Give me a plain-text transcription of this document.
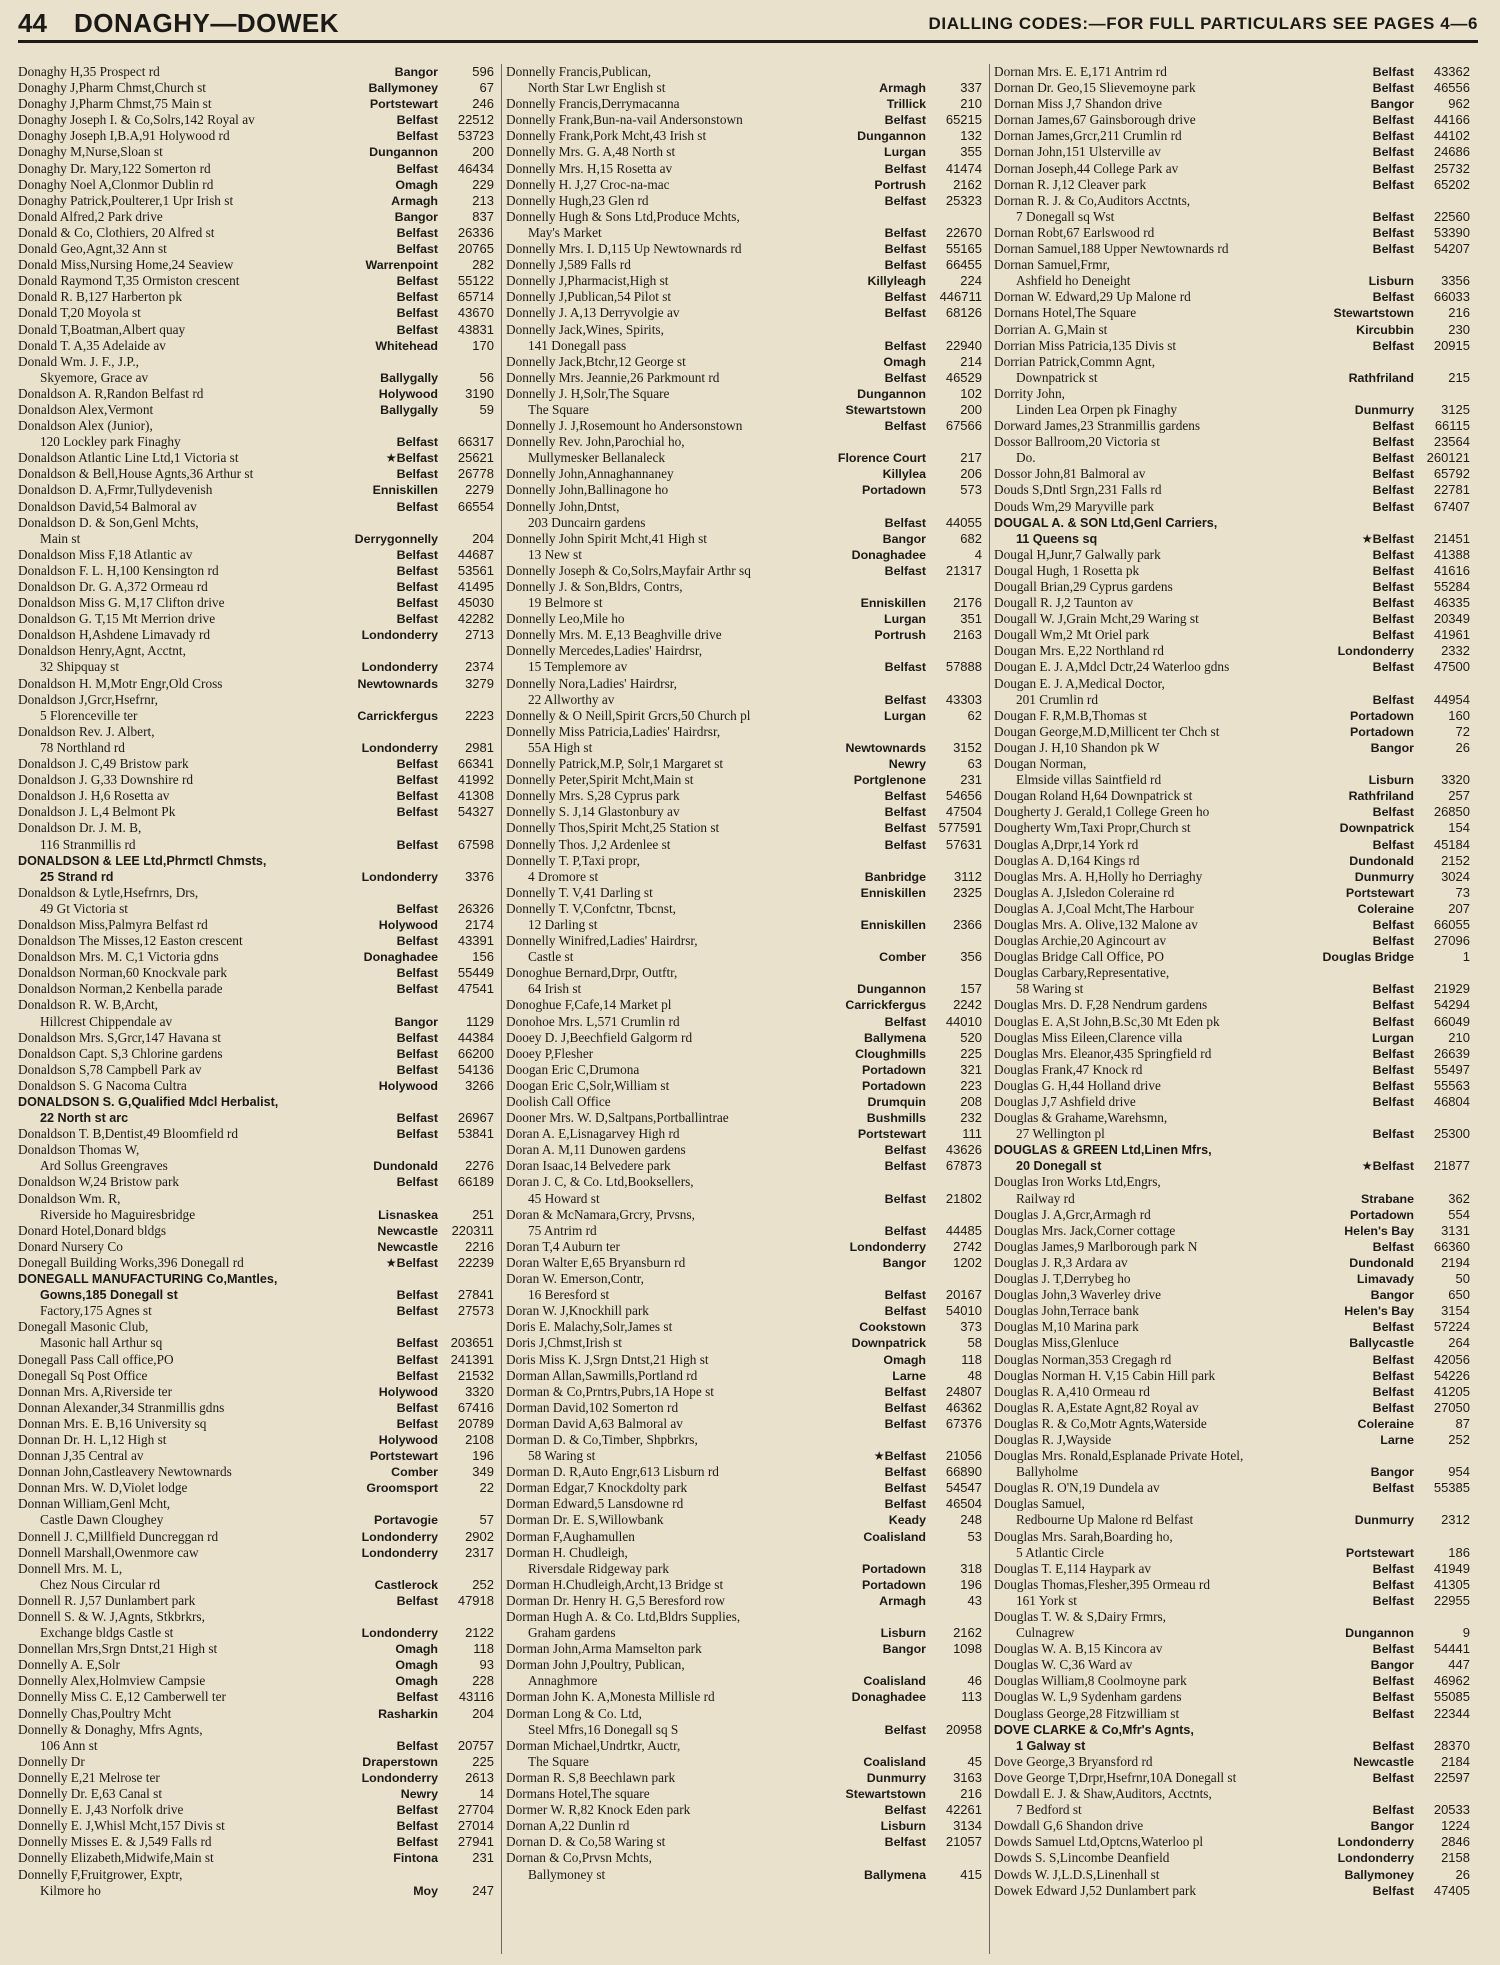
44 DONAGHY—DOWEK	DIALLING CODES:—FOR FULL PARTICULARS SEE PAGES 4—6
Donaghy H,35 Prospect rd	Bangor	596
Donaghy J,Pharm Chmst,Church st	Ballymoney	67
Donaghy J,Pharm Chmst,75 Main st	Portstewart	246
Donaghy Joseph I. & Co,Solrs,142 Royal av	Belfast	22512
Donaghy Joseph I,B.A,91 Holywood rd	Belfast	53723
Donaghy M,Nurse,Sloan st	Dungannon	200
Donaghy Dr. Mary,122 Somerton rd	Belfast	46434
Donaghy Noel A,Clonmor Dublin rd	Omagh	229
Donaghy Patrick,Poulterer,1 Upr Irish st	Armagh	213
Donald Alfred,2 Park drive	Bangor	837
Donald & Co, Clothiers, 20 Alfred st	Belfast	26336
Donald Geo,Agnt,32 Ann st	Belfast	20765
Donald Miss,Nursing Home,24 Seaview	Warrenpoint	282
Donald Raymond T,35 Ormiston crescent	Belfast	55122
Donald R. B,127 Harberton pk	Belfast	65714
Donald T,20 Moyola st	Belfast	43670
Donald T,Boatman,Albert quay	Belfast	43831
Donald T. A,35 Adelaide av	Whitehead	170
Donald Wm. J. F., J.P.,
Skyemore, Grace av	Ballygally	56
Donaldson A. R,Randon Belfast rd	Holywood	3190
Donaldson Alex,Vermont	Ballygally	59
Donaldson Alex (Junior),
120 Lockley park Finaghy	Belfast	66317
Donaldson Atlantic Line Ltd,1 Victoria st	★Belfast	25621
Donaldson & Bell,House Agnts,36 Arthur st	Belfast	26778
Donaldson D. A,Frmr,Tullydevenish	Enniskillen	2279
Donaldson David,54 Balmoral av	Belfast	66554
Donaldson D. & Son,Genl Mchts,
Main st	Derrygonnelly	204
Donaldson Miss F,18 Atlantic av	Belfast	44687
Donaldson F. L. H,100 Kensington rd	Belfast	53561
Donaldson Dr. G. A,372 Ormeau rd	Belfast	41495
Donaldson Miss G. M,17 Clifton drive	Belfast	45030
Donaldson G. T,15 Mt Merrion drive	Belfast	42282
Donaldson H,Ashdene Limavady rd	Londonderry	2713
Donaldson Henry,Agnt, Acctnt,
32 Shipquay st	Londonderry	2374
Donaldson H. M,Motr Engr,Old Cross	Newtownards	3279
Donaldson J,Grcr,Hsefrnr,
5 Florenceville ter	Carrickfergus	2223
Donaldson Rev. J. Albert,
78 Northland rd	Londonderry	2981
Donaldson J. C,49 Bristow park	Belfast	66341
Donaldson J. G,33 Downshire rd	Belfast	41992
Donaldson J. H,6 Rosetta av	Belfast	41308
Donaldson J. L,4 Belmont Pk	Belfast	54327
Donaldson Dr. J. M. B,
116 Stranmillis rd	Belfast	67598
DONALDSON & LEE Ltd,Phrmctl Chmsts,
25 Strand rd	Londonderry	3376
Donaldson & Lytle,Hsefrnrs, Drs,
49 Gt Victoria st	Belfast	26326
Donaldson Miss,Palmyra Belfast rd	Holywood	2174
Donaldson The Misses,12 Easton crescent	Belfast	43391
Donaldson Mrs. M. C,1 Victoria gdns	Donaghadee	156
Donaldson Norman,60 Knockvale park	Belfast	55449
Donaldson Norman,2 Kenbella parade	Belfast	47541
Donaldson R. W. B,Archt,
Hillcrest Chippendale av	Bangor	1129
Donaldson Mrs. S,Grcr,147 Havana st	Belfast	44384
Donaldson Capt. S,3 Chlorine gardens	Belfast	66200
Donaldson S,78 Campbell Park av	Belfast	54136
Donaldson S. G Nacoma Cultra	Holywood	3266
DONALDSON S. G,Qualified Mdcl Herbalist,
22 North st arc	Belfast	26967
Donaldson T. B,Dentist,49 Bloomfield rd	Belfast	53841
Donaldson Thomas W,
Ard Sollus Greengraves	Dundonald	2276
Donaldson W,24 Bristow park	Belfast	66189
Donaldson Wm. R,
Riverside ho Maguiresbridge	Lisnaskea	251
Donard Hotel,Donard bldgs	Newcastle	220311
Donard Nursery Co	Newcastle	2216
Donegall Building Works,396 Donegall rd	★Belfast	22239
DONEGALL MANUFACTURING Co,Mantles,
Gowns,185 Donegall st	Belfast	27841
Factory,175 Agnes st	Belfast	27573
Donegall Masonic Club,
Masonic hall Arthur sq	Belfast 203651
Donegall Pass Call office,PO	Belfast 241391
Donegall Sq Post Office	Belfast	21532
Donnan Mrs. A,Riverside ter	Holywood	3320
Donnan Alexander,34 Stranmillis gdns	Belfast	67416
Donnan Mrs. E. B,16 University sq	Belfast	20789
Donnan Dr. H. L,12 High st	Holywood	2108
Donnan J,35 Central av	Portstewart	196
Donnan John,Castleavery Newtownards	Comber	349
Donnan Mrs. W. D,Violet lodge	Groomsport	22
Donnan William,Genl Mcht,
Castle Dawn Cloughey	Portavogie	57
Donnell J. C,Millfield Duncreggan rd	Londonderry	2902
Donnell Marshall,Owenmore caw	Londonderry	2317
Donnell Mrs. M. L,
Chez Nous Circular rd	Castlerock	252
Donnell R. J,57 Dunlambert park	Belfast	47918
Donnell S. & W. J,Agnts, Stkbrkrs,
Exchange bldgs Castle st	Londonderry	2122
Donnellan Mrs,Srgn Dntst,21 High st	Omagh	118
Donnelly A. E,Solr	Omagh	93
Donnelly Alex,Holmview Campsie	Omagh	228
Donnelly Miss C. E,12 Camberwell ter	Belfast	43116
Donnelly Chas,Poultry Mcht	Rasharkin	204
Donnelly & Donaghy, Mfrs Agnts,
106 Ann st	Belfast	20757
Donnelly Dr	Draperstown	225
Donnelly E,21 Melrose ter	Londonderry	2613
Donnelly Dr. E,63 Canal st	Newry	14
Donnelly E. J,43 Norfolk drive	Belfast	27704
Donnelly E. J,Whisl Mcht,157 Divis st	Belfast	27014
Donnelly Misses E. & J,549 Falls rd	Belfast	27941
Donnelly Elizabeth,Midwife,Main st	Fintona	231
Donnelly F,Fruitgrower, Exptr,
Kilmore ho	Moy	247
Donnelly Francis,Publican,
North Star Lwr English st	Armagh	337
Donnelly Francis,Derrymacanna	Trillick	210
Donnelly Frank,Bun-na-vail Andersonstown	Belfast	65215
Donnelly Frank,Pork Mcht,43 Irish st	Dungannon	132
Donnelly Mrs. G. A,48 North st	Lurgan	355
Donnelly Mrs. H,15 Rosetta av	Belfast	41474
Donnelly H. J,27 Croc-na-mac	Portrush	2162
Donnelly Hugh,23 Glen rd	Belfast	25323
Donnelly Hugh & Sons Ltd,Produce Mchts,
May's Market	Belfast	22670
Donnelly Mrs. I. D,115 Up Newtownards rd	Belfast	55165
Donnelly J,589 Falls rd	Belfast	66455
Donnelly J,Pharmacist,High st	Killyleagh	224
Donnelly J,Publican,54 Pilot st	Belfast	446711
Donnelly J. A,13 Derryvolgie av	Belfast	68126
Donnelly Jack,Wines, Spirits,
141 Donegall pass	Belfast	22940
Donnelly Jack,Btchr,12 George st	Omagh	214
Donnelly Mrs. Jeannie,26 Parkmount rd	Belfast	46529
Donnelly J. H,Solr,The Square	Dungannon	102
The Square	Stewartstown	200
Donnelly J. J,Rosemount ho Andersonstown	Belfast	67566
Donnelly Rev. John,Parochial ho,
Mullymesker Bellanaleck	Florence Court	217
Donnelly John,Annaghannaney	Killylea	206
Donnelly John,Ballinagone ho	Portadown	573
Donnelly John,Dntst,
203 Duncairn gardens	Belfast	44055
Donnelly John Spirit Mcht,41 High st	Bangor	682
13 New st	Donaghadee	4
Donnelly Joseph & Co,Solrs,Mayfair Arthr sq	Belfast	21317
Donnelly J. & Son,Bldrs, Contrs,
19 Belmore st	Enniskillen	2176
Donnelly Leo,Mile ho	Lurgan	351
Donnelly Mrs. M. E,13 Beaghville drive	Portrush	2163
Donnelly Mercedes,Ladies' Hairdrsr,
15 Templemore av	Belfast	57888
Donnelly Nora,Ladies' Hairdrsr,
22 Allworthy av	Belfast	43303
Donnelly & O Neill,Spirit Grcrs,50 Church pl	Lurgan	62
Donnelly Miss Patricia,Ladies' Hairdrsr,
55A High st	Newtownards	3152
Donnelly Patrick,M.P, Solr,1 Margaret st	Newry	63
Donnelly Peter,Spirit Mcht,Main st	Portglenone	231
Donnelly Mrs. S,28 Cyprus park	Belfast	54656
Donnelly S. J,14 Glastonbury av	Belfast	47504
Donnelly Thos,Spirit Mcht,25 Station st	Belfast 577591
Donnelly Thos. J,2 Ardenlee st	Belfast	57631
Donnelly T. P,Taxi propr,
4 Dromore st	Banbridge	3112
Donnelly T. V,41 Darling st	Enniskillen	2325
Donnelly T. V,Confctnr, Tbcnst,
12 Darling st	Enniskillen	2366
Donnelly Winifred,Ladies' Hairdrsr,
Castle st	Comber	356
Donoghue Bernard,Drpr, Outftr,
64 Irish st	Dungannon	157
Donoghue F,Cafe,14 Market pl	Carrickfergus	2242
Donohoe Mrs. L,571 Crumlin rd	Belfast	44010
Dooey D. J,Beechfield Galgorm rd	Ballymena	520
Dooey P,Flesher	Cloughmills	225
Doogan Eric C,Drumona	Portadown	321
Doogan Eric C,Solr,William st	Portadown	223
Doolish Call Office	Drumquin	208
Dooner Mrs. W. D,Saltpans,Portballintrae	Bushmills	232
Doran A. E,Lisnagarvey High rd	Portstewart	111
Doran A. M,11 Dunowen gardens	Belfast	43626
Doran Isaac,14 Belvedere park	Belfast	67873
Doran J. C, & Co. Ltd,Booksellers,
45 Howard st	Belfast	21802
Doran & McNamara,Grcry, Prvsns,
75 Antrim rd	Belfast	44485
Doran T,4 Auburn ter	Londonderry	2742
Doran Walter E,65 Bryansburn rd	Bangor	1202
Doran W. Emerson,Contr,
16 Beresford st	Belfast	20167
Doran W. J,Knockhill park	Belfast	54010
Doris E. Malachy,Solr,James st	Cookstown	373
Doris J,Chmst,Irish st	Downpatrick	58
Doris Miss K. J,Srgn Dntst,21 High st	Omagh	118
Dorman Allan,Sawmills,Portland rd	Larne	48
Dorman & Co,Prntrs,Pubrs,1A Hope st	Belfast	24807
Dorman David,102 Somerton rd	Belfast	46362
Dorman David A,63 Balmoral av	Belfast	67376
Dorman D. & Co,Timber, Shpbrkrs,
58 Waring st	★Belfast	21056
Dorman D. R,Auto Engr,613 Lisburn rd	Belfast	66890
Dorman Edgar,7 Knockdolty park	Belfast	54547
Dorman Edward,5 Lansdowne rd	Belfast	46504
Dorman Dr. E. S,Willowbank	Keady	248
Dorman F,Aughamullen	Coalisland	53
Dorman H. Chudleigh,
Riversdale Ridgeway park	Portadown	318
Dorman H.Chudleigh,Archt,13 Bridge st	Portadown	196
Dorman Dr. Henry H. G,5 Beresford row	Armagh	43
Dorman Hugh A. & Co. Ltd,Bldrs Supplies,
Graham gardens	Lisburn	2162
Dorman John,Arma Mamselton park	Bangor	1098
Dorman John J,Poultry, Publican,
Annaghmore	Coalisland	46
Dorman John K. A,Monesta Millisle rd	Donaghadee	113
Dorman Long & Co. Ltd,
Steel Mfrs,16 Donegall sq S	Belfast	20958
Dorman Michael,Undrtkr, Auctr,
The Square	Coalisland	45
Dorman R. S,8 Beechlawn park	Dunmurry	3163
Dormans Hotel,The square	Stewartstown	216
Dormer W. R,82 Knock Eden park	Belfast	42261
Dornan A,22 Dunlin rd	Lisburn	3134
Dornan D. & Co,58 Waring st	Belfast	21057
Dornan & Co,Prvsn Mchts,
Ballymoney st	Ballymena	415
Dornan Mrs. E. E,171 Antrim rd	Belfast	43362
Dornan Dr. Geo,15 Slievemoyne park	Belfast	46556
Dornan Miss J,7 Shandon drive	Bangor	962
Dornan James,67 Gainsborough drive	Belfast	44166
Dornan James,Grcr,211 Crumlin rd	Belfast	44102
Dornan John,151 Ulsterville av	Belfast	24686
Dornan Joseph,44 College Park av	Belfast	25732
Dornan R. J,12 Cleaver park	Belfast	65202
Dornan R. J. & Co,Auditors Acctnts,
7 Donegall sq Wst	Belfast	22560
Dornan Robt,67 Earlswood rd	Belfast	53390
Dornan Samuel,188 Upper Newtownards rd	Belfast	54207
Dornan Samuel,Frmr,
Ashfield ho Deneight	Lisburn	3356
Dornan W. Edward,29 Up Malone rd	Belfast	66033
Dornans Hotel,The Square	Stewartstown	216
Dorrian A. G,Main st	Kircubbin	230
Dorrian Miss Patricia,135 Divis st	Belfast	20915
Dorrian Patrick,Commn Agnt,
Downpatrick st	Rathfriland	215
Dorrity John,
Linden Lea Orpen pk Finaghy	Dunmurry	3125
Dorward James,23 Stranmillis gardens	Belfast	66115
Dossor Ballroom,20 Victoria st	Belfast	23564
Do.	Belfast 260121
Dossor John,81 Balmoral av	Belfast	65792
Douds S,Dntl Srgn,231 Falls rd	Belfast	22781
Douds Wm,29 Maryville park	Belfast	67407
DOUGAL A. & SON Ltd,Genl Carriers,
11 Queens sq	★Belfast	21451
Dougal H,Junr,7 Galwally park	Belfast	41388
Dougal Hugh, 1 Rosetta pk	Belfast	41616
Dougall Brian,29 Cyprus gardens	Belfast	55284
Dougall R. J,2 Taunton av	Belfast	46335
Dougall W. J,Grain Mcht,29 Waring st	Belfast	20349
Dougall Wm,2 Mt Oriel park	Belfast	41961
Dougan Mrs. E,22 Northland rd	Londonderry	2332
Dougan E. J. A,Mdcl Dctr,24 Waterloo gdns	Belfast	47500
Dougan E. J. A,Medical Doctor,
201 Crumlin rd	Belfast	44954
Dougan F. R,M.B,Thomas st	Portadown	160
Dougan George,M.D,Millicent ter Chch st	Portadown	72
Dougan J. H,10 Shandon pk W	Bangor	26
Dougan Norman,
Elmside villas Saintfield rd	Lisburn	3320
Dougan Roland H,64 Downpatrick st	Rathfriland	257
Dougherty J. Gerald,1 College Green ho	Belfast	26850
Dougherty Wm,Taxi Propr,Church st	Downpatrick	154
Douglas A,Drpr,14 York rd	Belfast	45184
Douglas A. D,164 Kings rd	Dundonald	2152
Douglas Mrs. A. H,Holly ho Derriaghy	Dunmurry	3024
Douglas A. J,Isledon Coleraine rd	Portstewart	73
Douglas A. J,Coal Mcht,The Harbour	Coleraine	207
Douglas Mrs. A. Olive,132 Malone av	Belfast	66055
Douglas Archie,20 Agincourt av	Belfast	27096
Douglas Bridge Call Office, PO	Douglas Bridge	1
Douglas Carbary,Representative,
58 Waring st	Belfast	21929
Douglas Mrs. D. F,28 Nendrum gardens	Belfast	54294
Douglas E. A,St John,B.Sc,30 Mt Eden pk	Belfast	66049
Douglas Miss Eileen,Clarence villa	Lurgan	210
Douglas Mrs. Eleanor,435 Springfield rd	Belfast	26639
Douglas Frank,47 Knock rd	Belfast	55497
Douglas G. H,44 Holland drive	Belfast	55563
Douglas J,7 Ashfield drive	Belfast	46804
Douglas & Grahame,Warehsmn,
27 Wellington pl	Belfast	25300
DOUGLAS & GREEN Ltd,Linen Mfrs,
20 Donegall st	★Belfast	21877
Douglas Iron Works Ltd,Engrs,
Railway rd	Strabane	362
Douglas J. A,Grcr,Armagh rd	Portadown	554
Douglas Mrs. Jack,Corner cottage	Helen's Bay	3131
Douglas James,9 Marlborough park N	Belfast	66360
Douglas J. R,3 Ardara av	Dundonald	2194
Douglas J. T,Derrybeg ho	Limavady	50
Douglas John,3 Waverley drive	Bangor	650
Douglas John,Terrace bank	Helen's Bay	3154
Douglas M,10 Marina park	Belfast	57224
Douglas Miss,Glenluce	Ballycastle	264
Douglas Norman,353 Cregagh rd	Belfast	42056
Douglas Norman H. V,15 Cabin Hill park	Belfast	54226
Douglas R. A,410 Ormeau rd	Belfast	41205
Douglas R. A,Estate Agnt,82 Royal av	Belfast	27050
Douglas R. & Co,Motr Agnts,Waterside	Coleraine	87
Douglas R. J,Wayside	Larne	252
Douglas Mrs. Ronald,Esplanade Private Hotel,
Ballyholme	Bangor	954
Douglas R. O'N,19 Dundela av	Belfast	55385
Douglas Samuel,
Redbourne Up Malone rd Belfast	Dunmurry	2312
Douglas Mrs. Sarah,Boarding ho,
5 Atlantic Circle	Portstewart	186
Douglas T. E,114 Haypark av	Belfast	41949
Douglas Thomas,Flesher,395 Ormeau rd	Belfast	41305
161 York st	Belfast	22955
Douglas T. W. & S,Dairy Frmrs,
Culnagrew	Dungannon	9
Douglas W. A. B,15 Kincora av	Belfast	54441
Douglas W. C,36 Ward av	Bangor	447
Douglas William,8 Coolmoyne park	Belfast	46962
Douglas W. L,9 Sydenham gardens	Belfast	55085
Douglass George,28 Fitzwilliam st	Belfast	22344
DOVE CLARKE & Co,Mfr's Agnts,
1 Galway st	Belfast	28370
Dove George,3 Bryansford rd	Newcastle	2184
Dove George T,Drpr,Hsefrnr,10A Donegall st	Belfast	22597
Dowdall E. J. & Shaw,Auditors, Acctnts,
7 Bedford st	Belfast	20533
Dowdall G,6 Shandon drive	Bangor	1224
Dowds Samuel Ltd,Optcns,Waterloo pl	Londonderry	2846
Dowds S. S,Lincombe Deanfield	Londonderry	2158
Dowds W. J,L.D.S,Linenhall st	Ballymoney	26
Dowek Edward J,52 Dunlambert park	Belfast	47405
